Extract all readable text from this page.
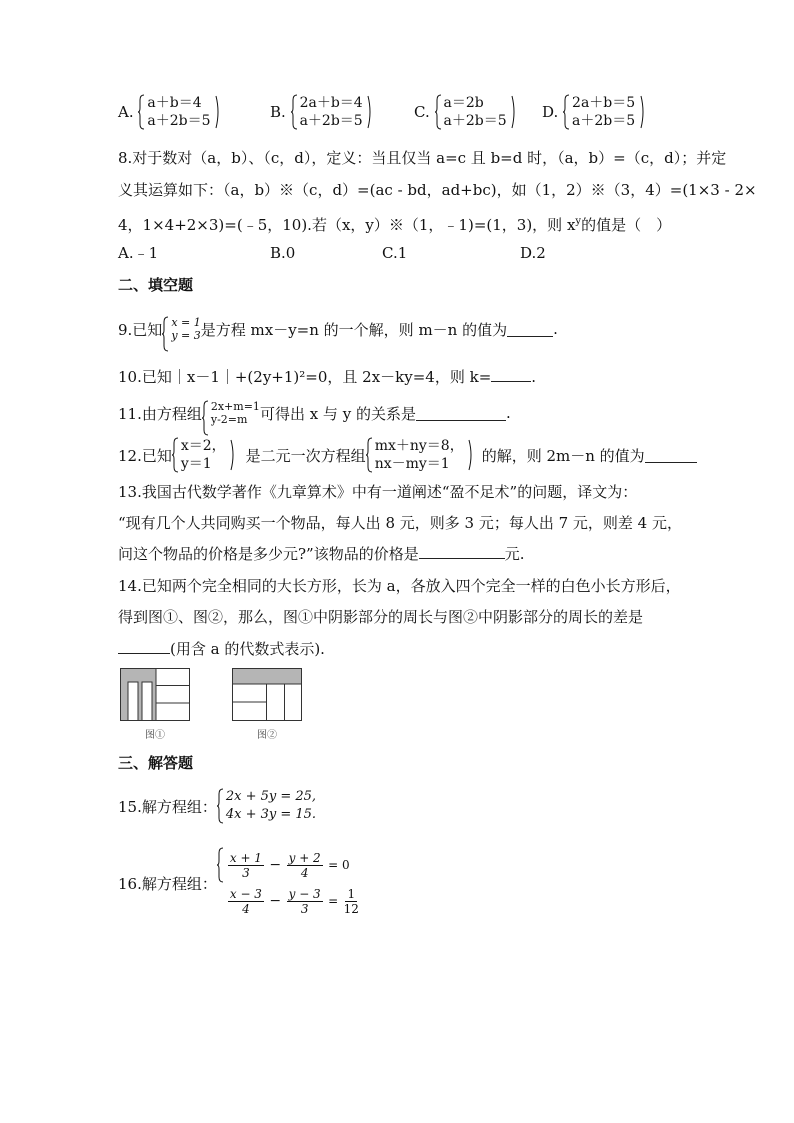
A. a＋b＝4
a＋2b＝5
	B. 2a＋b＝4
a＋2b＝5
	C. a＝2b
a＋2b＝5
D. 2a＋b＝5
a＋2b＝5

8.对于数对（a，b）、（c，d），定义：当且仅当 a=c 且 b=d 时，（a，b）=（c，d）；并定
义其运算如下：（a，b）※（c，d）=(ac - bd，ad+bc)，如（1，2）※（3，4）=(1×3 - 2×
4，1×4+2×3)=(﹣5，10).若（x，y）※（1，﹣1)=(1，3)，则 $x^y$的值是（　）
A.﹣1	B.0	C.1	D.2
二、填空题
9.已知 x = 1
y = 3 是方程 mx－y=n 的一个解，则 m－n 的值为	.
10.已知｜x－1｜+(2y+1)²=0，且 2x－ky=4，则 k=	.
11.由方程组 2x+m=1
y-2=m 可得出 x 与 y 的关系是	.
12.已知
x＝2，
y＝1	是二元一次方程组
mx＋ny＝8，
nx－my＝1	的解，则 2m－n 的值为
13.我国古代数学著作《九章算术》中有一道阐述“盈不足术”的问题，译文为：
“现有几个人共同购买一个物品，每人出 8 元，则多 3 元；每人出 7 元，则差 4 元，
问这个物品的价格是多少元?”该物品的价格是	元.
14.已知两个完全相同的大长方形，长为 a，各放入四个完全一样的白色小长方形后，
得到图①、图②，那么，图①中阴影部分的周长与图②中阴影部分的周长的差是
(用含 a 的代数式表示).
图①	图②
三、解答题
15.解方程组：
2x + 5y = 25,
4x + 3y = 15.
16.解方程组：
$\frac{x + 1}{3} - \frac{y + 2}{4} = 0$
$\frac{x - 3}{4} - \frac{y - 3}{3} = \frac{1}{12}$
